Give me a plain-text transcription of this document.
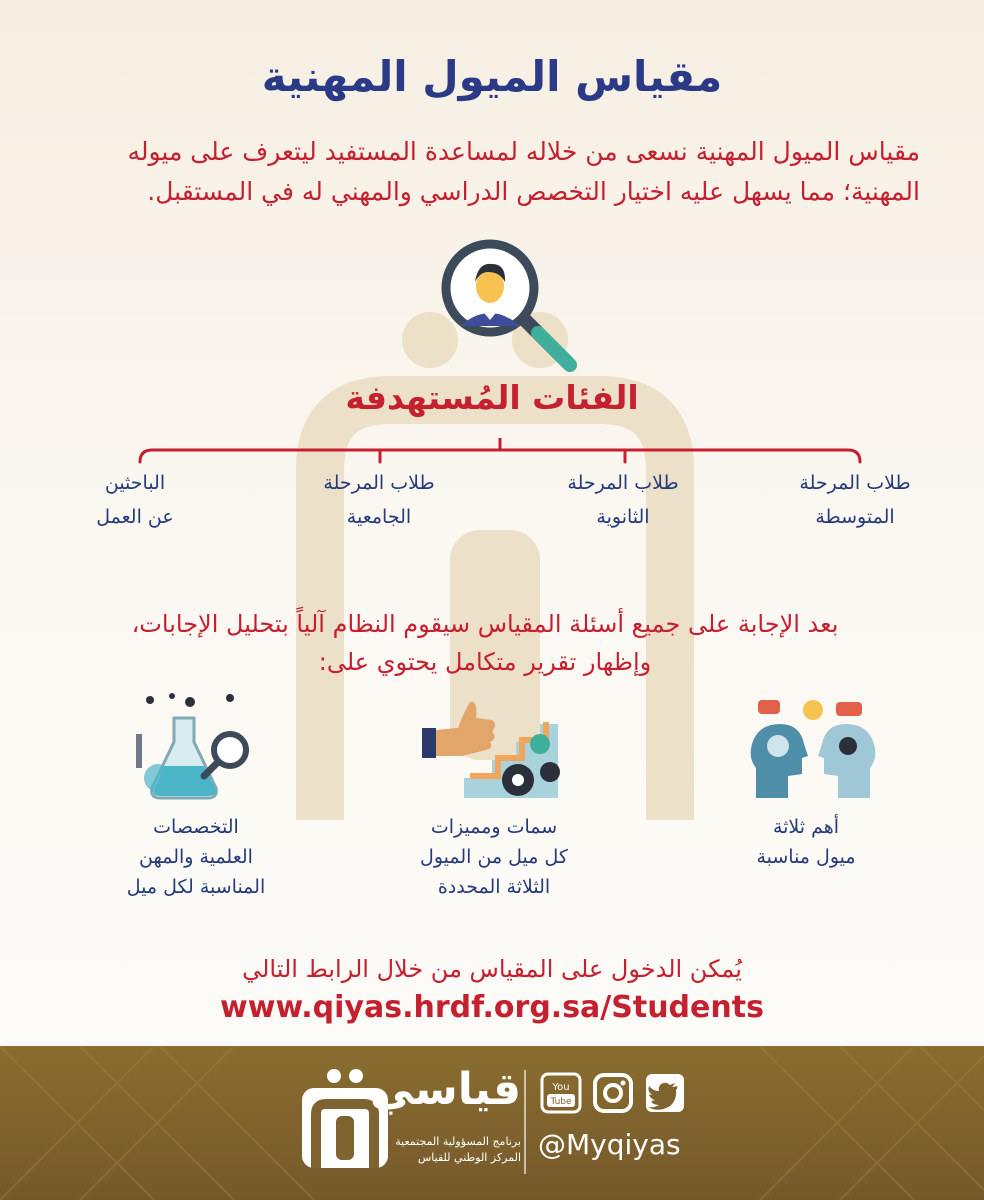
مقياس الميول المهنية
مقياس الميول المهنية نسعى من خلاله لمساعدة المستفيد ليتعرف على ميوله المهنية؛ مما يسهل عليه اختيار التخصص الدراسي والمهني له في المستقبل.
الفئات المُستهدفة
طلاب المرحلة
المتوسطة
طلاب المرحلة
الثانوية
طلاب المرحلة
الجامعية
الباحثين
عن العمل
بعد الإجابة على جميع أسئلة المقياس سيقوم النظام آلياً بتحليل الإجابات،
وإظهار تقرير متكامل يحتوي على:
أهم ثلاثة
ميول مناسبة
سمات ومميزات
كل ميل من الميول
الثلاثة المحددة
التخصصات
العلمية والمهن
المناسبة لكل ميل
يُمكن الدخول على المقياس من خلال الرابط التالي
www.qiyas.hrdf.org.sa/Students
You
Tube
@Myqiyas
قياسي
برنامج المسؤولية المجتمعية
المركز الوطني للقياس
